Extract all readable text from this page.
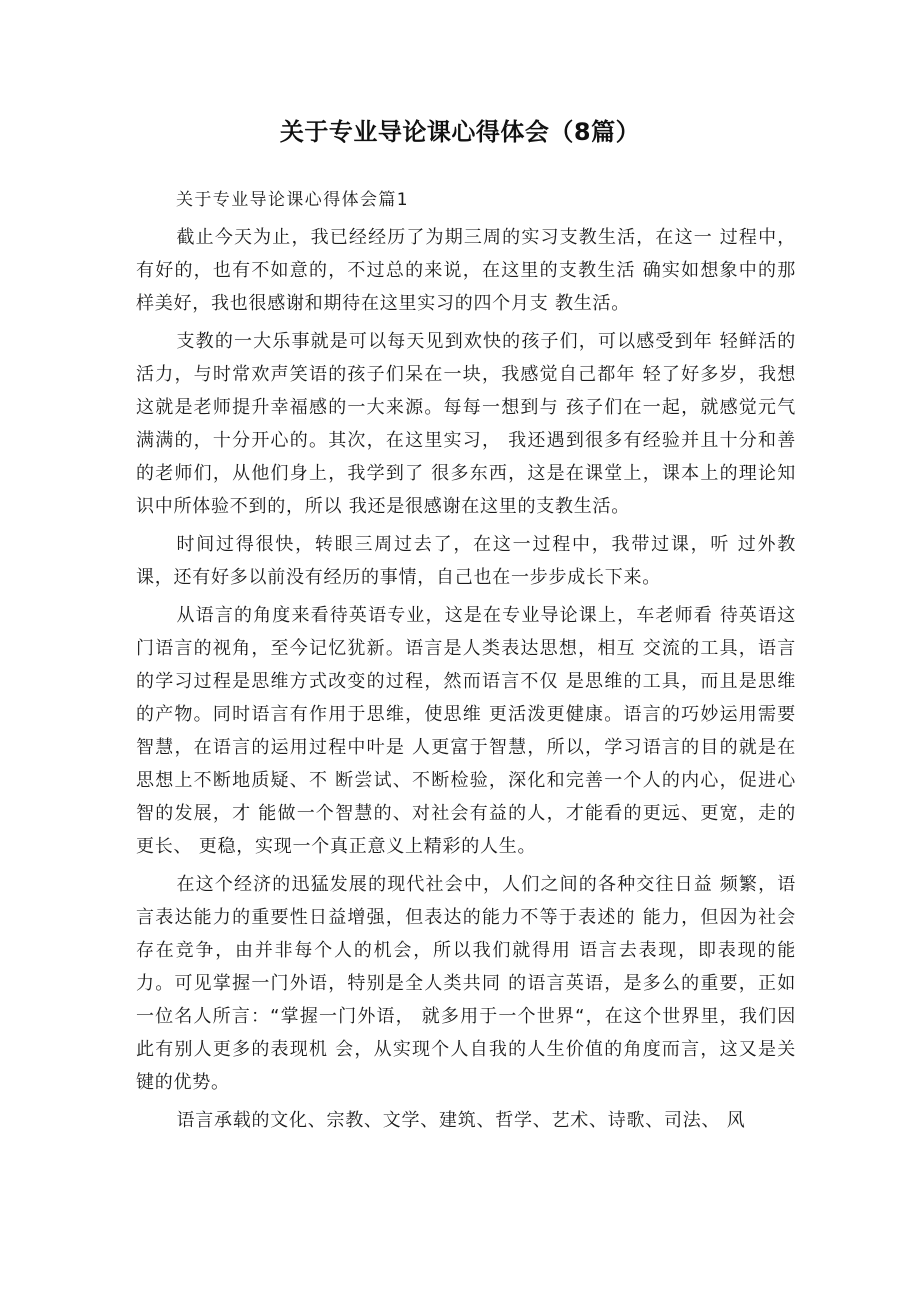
关于专业导论课心得体会（8篇）
关于专业导论课心得体会篇1

截止今天为止，我已经经历了为期三周的实习支教生活，在这一 过程中，有好的，也有不如意的，不过总的来说，在这里的支教生活 确实如想象中的那样美好，我也很感谢和期待在这里实习的四个月支 教生活。

支教的一大乐事就是可以每天见到欢快的孩子们，可以感受到年 轻鲜活的活力，与时常欢声笑语的孩子们呆在一块，我感觉自己都年 轻了好多岁，我想这就是老师提升幸福感的一大来源。每每一想到与 孩子们在一起，就感觉元气满满的，十分开心的。其次，在这里实习， 我还遇到很多有经验并且十分和善的老师们，从他们身上，我学到了 很多东西，这是在课堂上，课本上的理论知识中所体验不到的，所以 我还是很感谢在这里的支教生活。

时间过得很快，转眼三周过去了，在这一过程中，我带过课，听 过外教课，还有好多以前没有经历的事情，自己也在一步步成长下来。

从语言的角度来看待英语专业，这是在专业导论课上，车老师看 待英语这门语言的视角，至今记忆犹新。语言是人类表达思想，相互 交流的工具，语言的学习过程是思维方式改变的过程，然而语言不仅 是思维的工具，而且是思维的产物。同时语言有作用于思维，使思维 更活泼更健康。语言的巧妙运用需要智慧，在语言的运用过程中叶是 人更富于智慧，所以，学习语言的目的就是在思想上不断地质疑、不 断尝试、不断检验，深化和完善一个人的内心，促进心智的发展，才 能做一个智慧的、对社会有益的人，才能看的更远、更宽，走的更长、 更稳，实现一个真正意义上精彩的人生。

在这个经济的迅猛发展的现代社会中，人们之间的各种交往日益 频繁，语言表达能力的重要性日益增强，但表达的能力不等于表述的 能力，但因为社会存在竞争，由并非每个人的机会，所以我们就得用 语言去表现，即表现的能力。可见掌握一门外语，特别是全人类共同 的语言英语，是多么的重要，正如一位名人所言：“掌握一门外语， 就多用于一个世界“，在这个世界里，我们因此有别人更多的表现机 会，从实现个人自我的人生价值的角度而言，这又是关键的优势。

语言承载的文化、宗教、文学、建筑、哲学、艺术、诗歌、司法、 风
